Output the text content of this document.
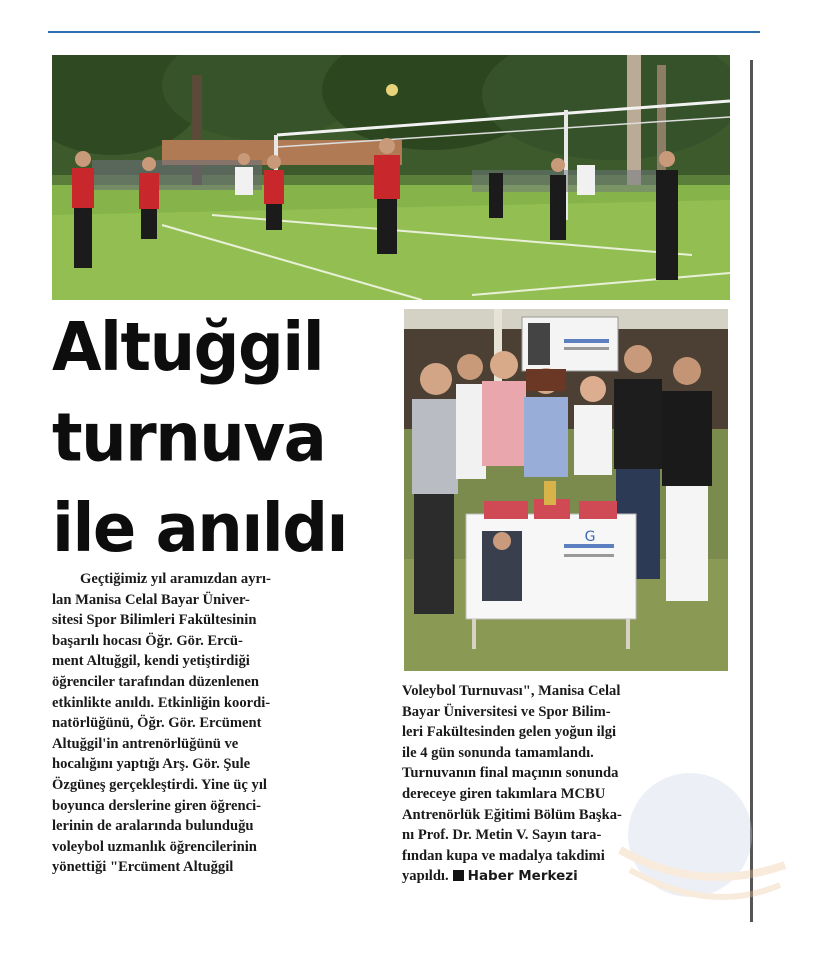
Altuğgil
turnuva
ile anıldı	G
Geçtiğimiz yıl aramızdan ayrı-
lan Manisa Celal Bayar Üniver-
sitesi Spor Bilimleri Fakültesinin
başarılı hocası Öğr. Gör. Ercü-
ment Altuğgil, kendi yetiştirdiği
öğrenciler tarafından düzenlenen
etkinlikte anıldı. Etkinliğin koordi-
natörlüğünü, Öğr. Gör. Ercüment
Altuğgil'in antrenörlüğünü ve
hocalığını yaptığı Arş. Gör. Şule
Özgüneş gerçekleştirdi. Yine üç yıl
boyunca derslerine giren öğrenci-
lerinin de aralarında bulunduğu
voleybol uzmanlık öğrencilerinin
yönettiği "Ercüment Altuğgil
Voleybol Turnuvası", Manisa Celal
Bayar Üniversitesi ve Spor Bilim-
leri Fakültesinden gelen yoğun ilgi
ile 4 gün sonunda tamamlandı.
Turnuvanın final maçının sonunda
dereceye giren takımlara MCBU
Antrenörlük Eğitimi Bölüm Başka-
nı Prof. Dr. Metin V. Sayın tara-
fından kupa ve madalya takdimi
yapıldı. Haber Merkezi
